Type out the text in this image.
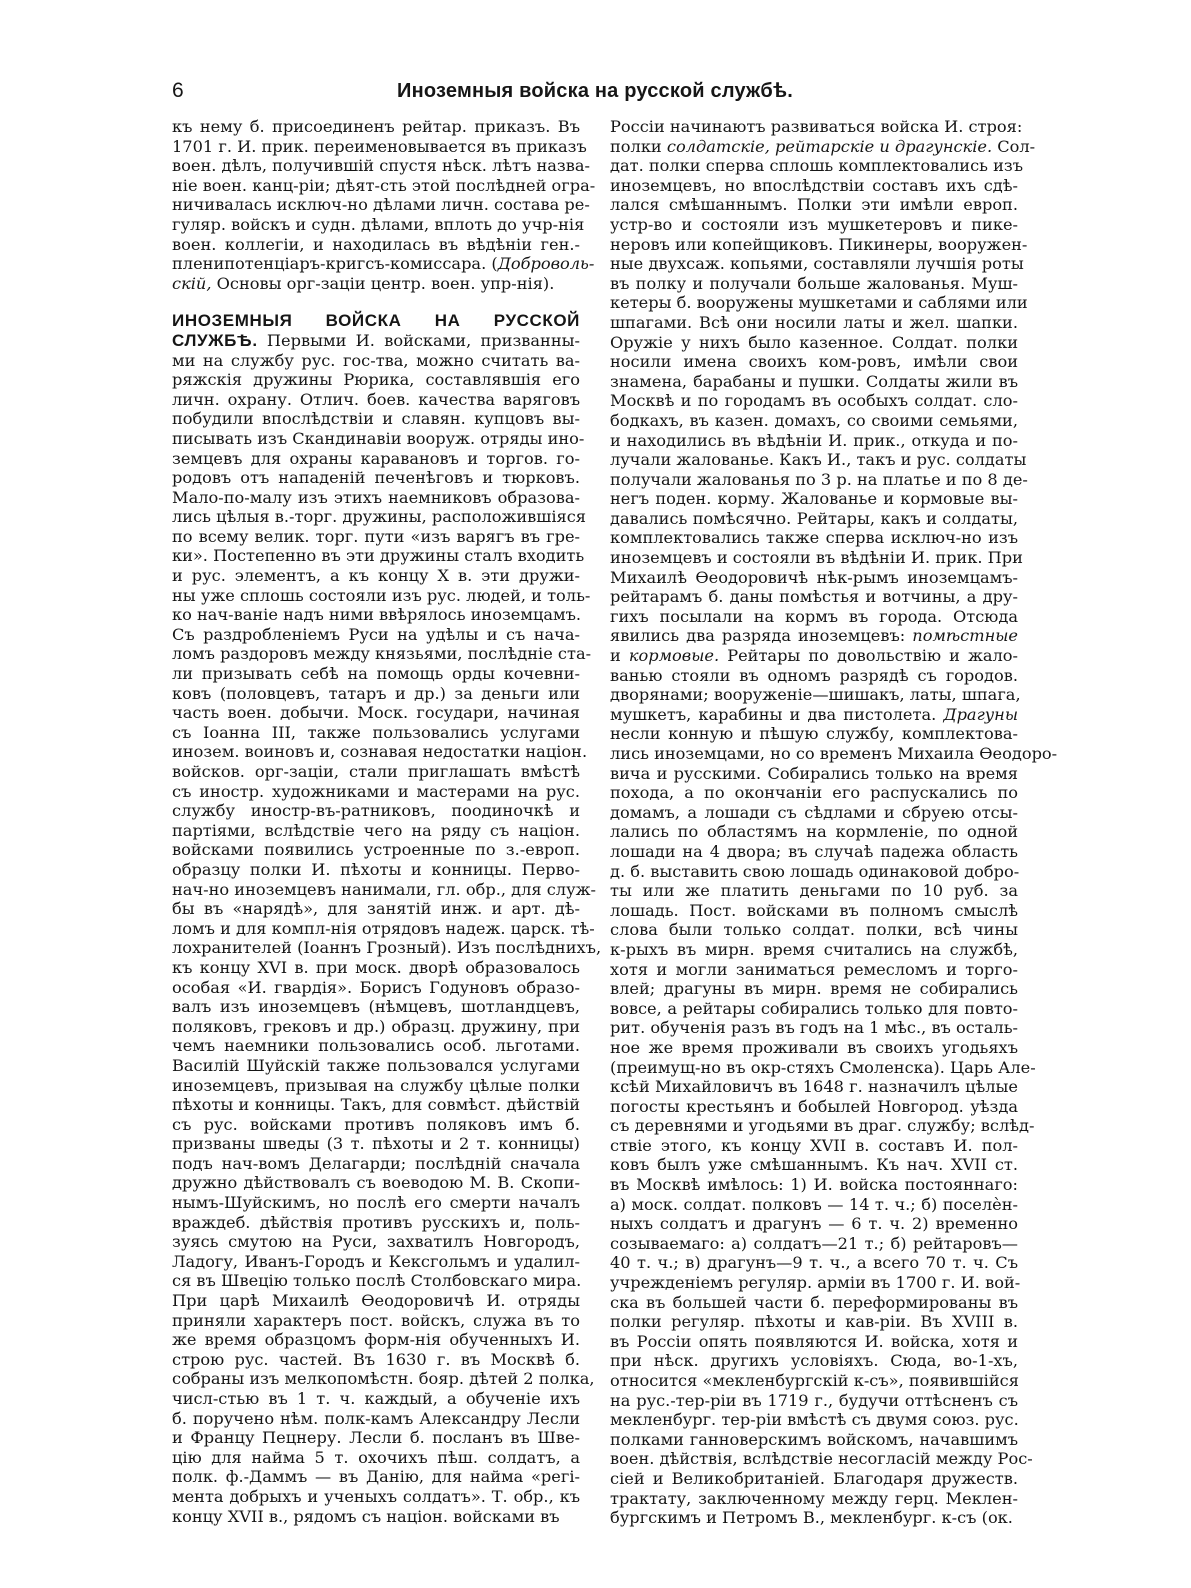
6	Иноземныя войска на русской службѣ.
къ нему б. присоединенъ рейтар. приказъ. Въ
1701 г. И. прик. переименовывается въ приказъ
воен. дѣлъ, получившій спустя нѣск. лѣтъ назва-
ніе воен. канц-ріи; дѣят-сть этой послѣдней огра-
ничивалась исключ-но дѣлами личн. состава ре-
гуляр. войскъ и судн. дѣлами, вплоть до учр-нія
воен. коллегіи, и находилась въ вѣдѣніи ген.-
пленипотенціаръ-кригсъ-комиссара. (Доброволь-
скій, Основы орг-заціи центр. воен. упр-нія).
ИНОЗЕМНЫЯ ВОЙСКА НА РУССКОЙ
СЛУЖБѢ. Первыми И. войсками, призванны-
ми на службу рус. гос-тва, можно считать ва-
ряжскія дружины Рюрика, составлявшія его
личн. охрану. Отлич. боев. качества варяговъ
побудили впослѣдствіи и славян. купцовъ вы-
писывать изъ Скандинавіи вооруж. отряды ино-
земцевъ для охраны каравановъ и торгов. го-
родовъ отъ нападеній печенѣговъ и тюрковъ.
Мало-по-малу изъ этихъ наемниковъ образова-
лись цѣлыя в.-торг. дружины, расположившіяся
по всему велик. торг. пути «изъ варягъ въ гре-
ки». Постепенно въ эти дружины сталъ входить
и рус. элементъ, а къ концу X в. эти дружи-
ны уже сплошь состояли изъ рус. людей, и толь-
ко нач-ваніе надъ ними ввѣрялось иноземцамъ.
Съ раздробленіемъ Руси на удѣлы и съ нача-
ломъ раздоровъ между князьями, послѣдніе ста-
ли призывать себѣ на помощь орды кочевни-
ковъ (половцевъ, татаръ и др.) за деньги или
часть воен. добычи. Моск. государи, начиная
съ Іоанна III, также пользовались услугами
инозем. воиновъ и, сознавая недостатки націон.
войсков. орг-заціи, стали приглашать вмѣстѣ
съ иностр. художниками и мастерами на рус.
службу иностр-въ-ратниковъ, поодиночкѣ и
партіями, вслѣдствіе чего на ряду съ націон.
войсками появились устроенные по з.-европ.
образцу полки И. пѣхоты и конницы. Перво-
нач-но иноземцевъ нанимали, гл. обр., для служ-
бы въ «нарядѣ», для занятій инж. и арт. дѣ-
ломъ и для компл-нія отрядовъ надеж. царск. тѣ-
лохранителей (Іоаннъ Грозный). Изъ послѣднихъ,
къ концу XVI в. при моск. дворѣ образовалось
особая «И. гвардія». Борисъ Годуновъ образо-
валъ изъ иноземцевъ (нѣмцевъ, шотландцевъ,
поляковъ, грековъ и др.) образц. дружину, при
чемъ наемники пользовались особ. льготами.
Василій Шуйскій также пользовался услугами
иноземцевъ, призывая на службу цѣлые полки
пѣхоты и конницы. Такъ, для совмѣст. дѣйствій
съ рус. войсками противъ поляковъ имъ б.
призваны шведы (3 т. пѣхоты и 2 т. конницы)
подъ нач-вомъ Делагарди; послѣдній сначала
дружно дѣйствовалъ съ воеводою М. В. Скопи-
нымъ-Шуйскимъ, но послѣ его смерти началъ
враждеб. дѣйствія противъ русскихъ и, поль-
зуясь смутою на Руси, захватилъ Новгородъ,
Ладогу, Иванъ-Городъ и Кексгольмъ и удалил-
ся въ Швецію только послѣ Столбовскаго мира.
При царѣ Михаилѣ Ѳеодоровичѣ И. отряды
приняли характеръ пост. войскъ, служа въ то
же время образцомъ форм-нія обученныхъ И.
строю рус. частей. Въ 1630 г. въ Москвѣ б.
собраны изъ мелкопомѣстн. бояр. дѣтей 2 полка,
числ-стью въ 1 т. ч. каждый, а обученіе ихъ
б. поручено нѣм. полк-камъ Александру Лесли
и Францу Пецнеру. Лесли б. посланъ въ Шве-
цію для найма 5 т. охочихъ пѣш. солдатъ, а
полк. ф.-Даммъ — въ Данію, для найма «регі-
мента добрыхъ и ученыхъ солдатъ». Т. обр., къ
концу XVII в., рядомъ съ націон. войсками въ
Россіи начинаютъ развиваться войска И. строя:
полки солдатскіе, рейтарскіе и драгунскіе. Сол-
дат. полки сперва сплошь комплектовались изъ
иноземцевъ, но впослѣдствіи составъ ихъ сдѣ-
лался смѣшаннымъ. Полки эти имѣли европ.
устр-во и состояли изъ мушкетеровъ и пике-
неровъ или копейщиковъ. Пикинеры, вооружен-
ные двухсаж. копьями, составляли лучшія роты
въ полку и получали больше жалованья. Муш-
кетеры б. вооружены мушкетами и саблями или
шпагами. Всѣ они носили латы и жел. шапки.
Оружіе у нихъ было казенное. Солдат. полки
носили имена своихъ ком-ровъ, имѣли свои
знамена, барабаны и пушки. Солдаты жили въ
Москвѣ и по городамъ въ особыхъ солдат. сло-
бодкахъ, въ казен. домахъ, со своими семьями,
и находились въ вѣдѣніи И. прик., откуда и по-
лучали жалованье. Какъ И., такъ и рус. солдаты
получали жалованья по 3 р. на платье и по 8 де-
негъ поден. корму. Жалованье и кормовые вы-
давались помѣсячно. Рейтары, какъ и солдаты,
комплектовались также сперва исключ-но изъ
иноземцевъ и состояли въ вѣдѣніи И. прик. При
Михаилѣ Ѳеодоровичѣ нѣк-рымъ иноземцамъ-
рейтарамъ б. даны помѣстья и вотчины, а дру-
гихъ посылали на кормъ въ города. Отсюда
явились два разряда иноземцевъ: помѣстные
и кормовые. Рейтары по довольствію и жало-
ванью стояли въ одномъ разрядѣ съ городов.
дворянами; вооруженіе—шишакъ, латы, шпага,
мушкетъ, карабины и два пистолета. Драгуны
несли конную и пѣшую службу, комплектова-
лись иноземцами, но со временъ Михаила Ѳеодоро-
вича и русскими. Собирались только на время
похода, а по окончаніи его распускались по
домамъ, а лошади съ сѣдлами и сбруею отсы-
лались по областямъ на кормленіе, по одной
лошади на 4 двора; въ случаѣ падежа область
д. б. выставить свою лошадь одинаковой добро-
ты или же платить деньгами по 10 руб. за
лошадь. Пост. войсками въ полномъ смыслѣ
слова были только солдат. полки, всѣ чины
к-рыхъ въ мирн. время считались на службѣ,
хотя и могли заниматься ремесломъ и торго-
влей; драгуны въ мирн. время не собирались
вовсе, а рейтары собирались только для повто-
рит. обученія разъ въ годъ на 1 мѣс., въ осталь-
ное же время проживали въ своихъ угодьяхъ
(преимущ-но въ окр-стяхъ Смоленска). Царь Але-
ксѣй Михайловичъ въ 1648 г. назначилъ цѣлые
погосты крестьянъ и бобылей Новгород. уѣзда
съ деревнями и угодьями въ драг. службу; вслѣд-
ствіе этого, къ концу XVII в. составъ И. пол-
ковъ былъ уже смѣшаннымъ. Къ нач. XVII ст.
въ Москвѣ имѣлось: 1) И. войска постояннаго:
а) моск. солдат. полковъ — 14 т. ч.; б) поселѐн-
ныхъ солдатъ и драгунъ — 6 т. ч. 2) временно
созываемаго: а) солдатъ—21 т.; б) рейтаровъ—
40 т. ч.; в) драгунъ—9 т. ч., а всего 70 т. ч. Съ
учрежденіемъ регуляр. арміи въ 1700 г. И. вой-
ска въ большей части б. переформированы въ
полки регуляр. пѣхоты и кав-ріи. Въ XVIII в.
въ Россіи опять появляются И. войска, хотя и
при нѣск. другихъ условіяхъ. Сюда, во-1-хъ,
относится «мекленбургскій к-съ», появившійся
на рус.-тер-ріи въ 1719 г., будучи оттѣсненъ съ
мекленбург. тер-ріи вмѣстѣ съ двумя союз. рус.
полками ганноверскимъ войскомъ, начавшимъ
воен. дѣйствія, вслѣдствіе несогласій между Рос-
сіей и Великобританіей. Благодаря дружеств.
трактату, заключенному между герц. Меклен-
бургскимъ и Петромъ В., мекленбург. к-съ (ок.
